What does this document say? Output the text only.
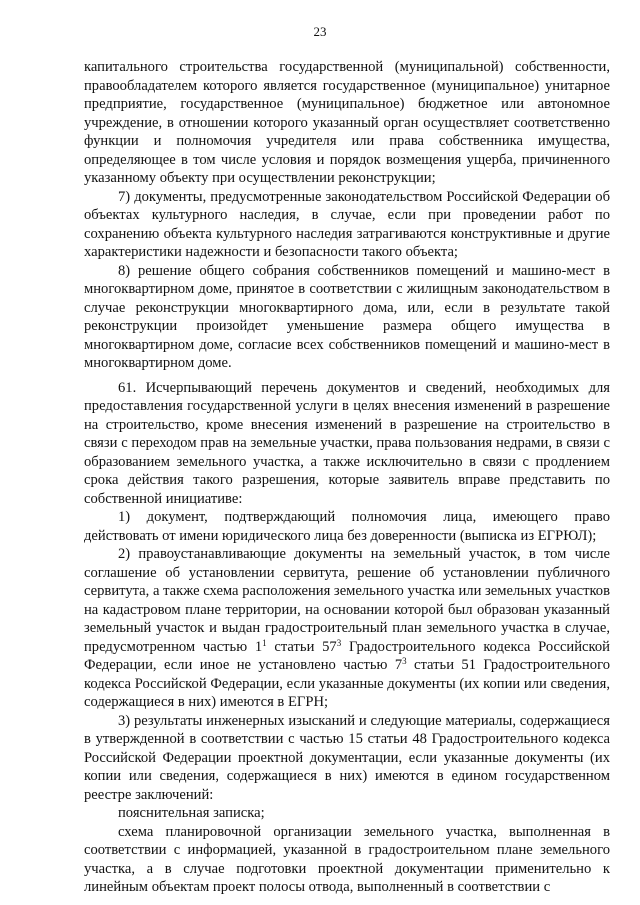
23

капитального строительства государственной (муниципальной) собственности, правообладателем которого является государственное (муниципальное) унитарное предприятие, государственное (муниципальное) бюджетное или автономное учреждение, в отношении которого указанный орган осуществляет соответственно функции и полномочия учредителя или права собственника имущества, определяющее в том числе условия и порядок возмещения ущерба, причиненного указанному объекту при осуществлении реконструкции;

7) документы, предусмотренные законодательством Российской Федерации об объектах культурного наследия, в случае, если при проведении работ по сохранению объекта культурного наследия затрагиваются конструктивные и другие характеристики надежности и безопасности такого объекта;

8) решение общего собрания собственников помещений и машино-мест в многоквартирном доме, принятое в соответствии с жилищным законодательством в случае реконструкции многоквартирного дома, или, если в результате такой реконструкции произойдет уменьшение размера общего имущества в многоквартирном доме, согласие всех собственников помещений и машино-мест в многоквартирном доме.

61. Исчерпывающий перечень документов и сведений, необходимых для предоставления государственной услуги в целях внесения изменений в разрешение на строительство, кроме внесения изменений в разрешение на строительство в связи с переходом прав на земельные участки, права пользования недрами, в связи с образованием земельного участка, а также исключительно в связи с продлением срока действия такого разрешения, которые заявитель вправе представить по собственной инициативе:

1) документ, подтверждающий полномочия лица, имеющего право действовать от имени юридического лица без доверенности (выписка из ЕГРЮЛ);

2) правоустанавливающие документы на земельный участок, в том числе соглашение об установлении сервитута, решение об установлении публичного сервитута, а также схема расположения земельного участка или земельных участков на кадастровом плане территории, на основании которой был образован указанный земельный участок и выдан градостроительный план земельного участка в случае, предусмотренном частью $1^1$ статьи $57^3$ Градостроительного кодекса Российской Федерации, если иное не установлено частью $7^3$ статьи 51 Градостроительного кодекса Российской Федерации, если указанные документы (их копии или сведения, содержащиеся в них) имеются в ЕГРН;

3) результаты инженерных изысканий и следующие материалы, содержащиеся в утвержденной в соответствии с частью 15 статьи 48 Градостроительного кодекса Российской Федерации проектной документации, если указанные документы (их копии или сведения, содержащиеся в них) имеются в едином государственном реестре заключений:

пояснительная записка;

схема планировочной организации земельного участка, выполненная в соответствии с информацией, указанной в градостроительном плане земельного участка, а в случае подготовки проектной документации применительно к линейным объектам проект полосы отвода, выполненный в соответствии с
